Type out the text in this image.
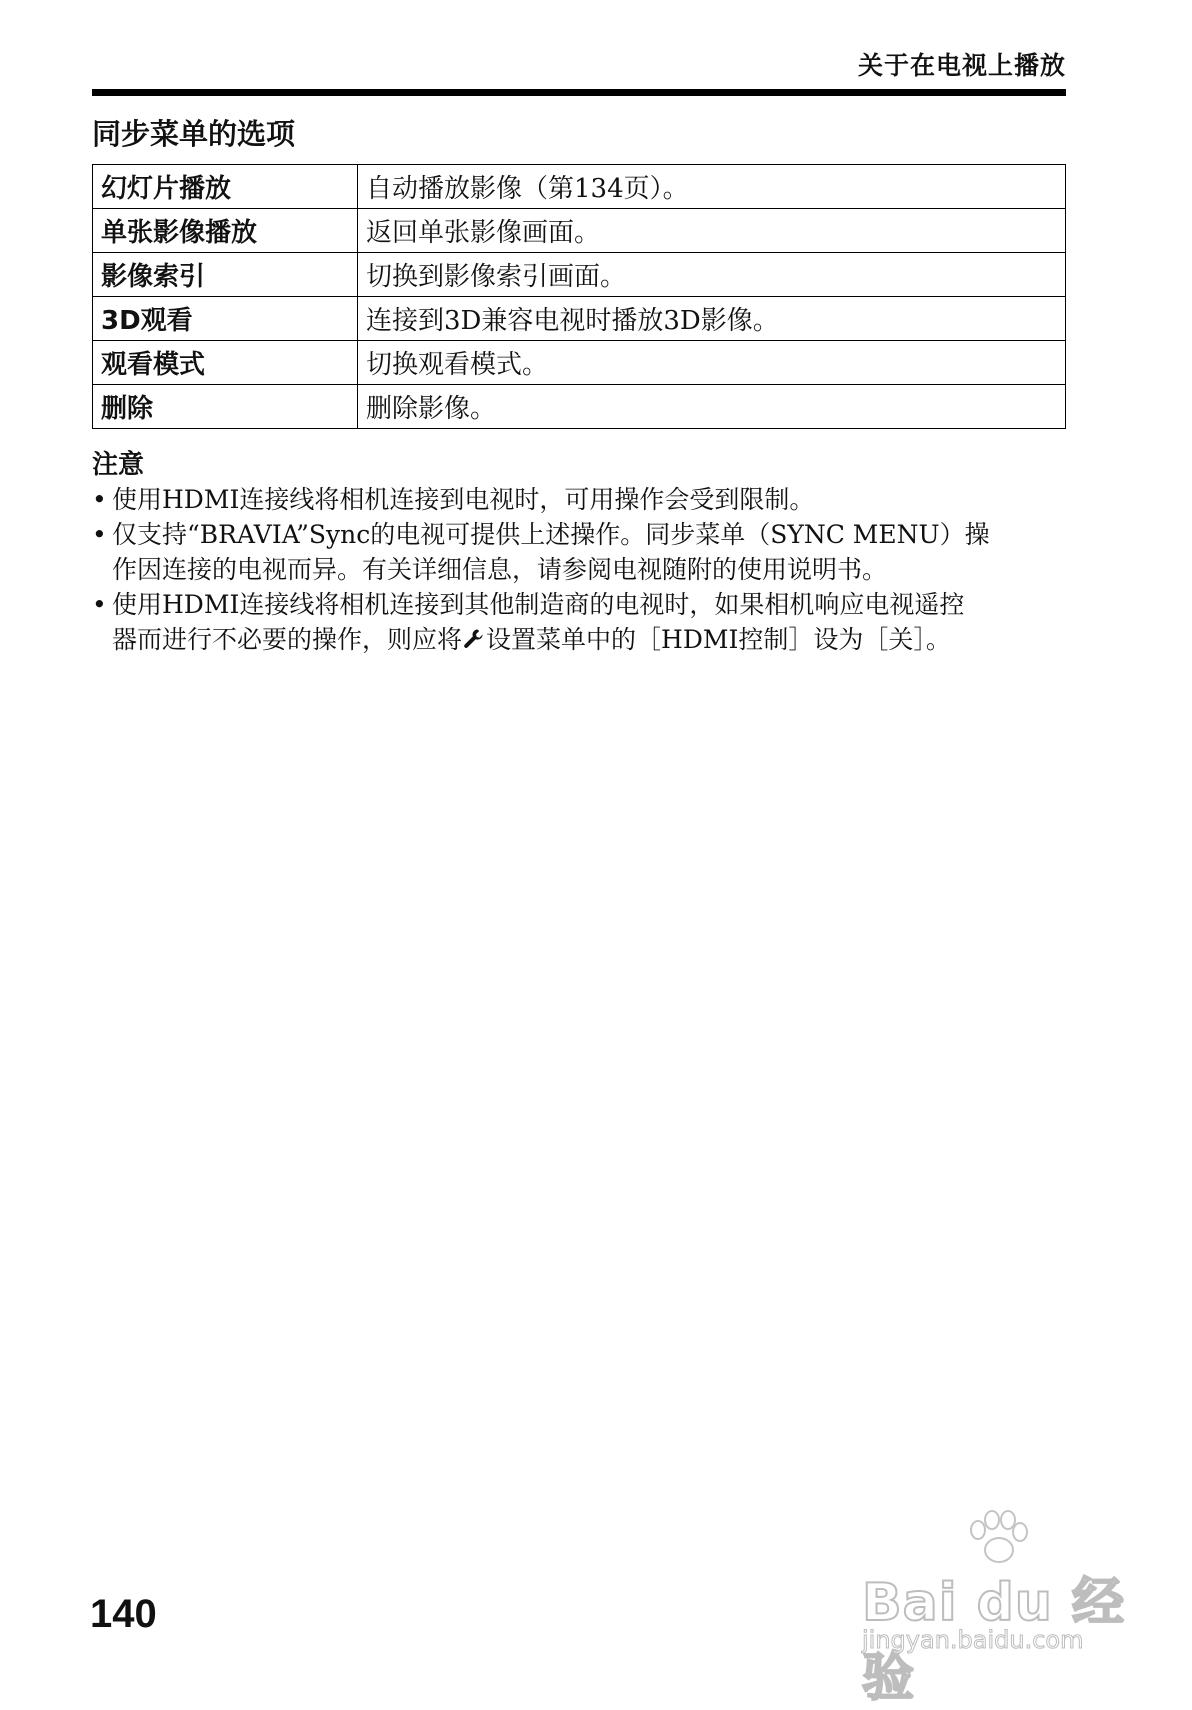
关于在电视上播放
同步菜单的选项
幻灯片播放	自动播放影像（第134页）。
单张影像播放	返回单张影像画面。
影像索引	切换到影像索引画面。
3D观看	连接到3D兼容电视时播放3D影像。
观看模式	切换观看模式。
删除	删除影像。
注意
• 使用HDMI连接线将相机连接到电视时，可用操作会受到限制。
• 仅支持“BRAVIA”Sync的电视可提供上述操作。同步菜单（SYNC MENU）操
作因连接的电视而异。有关详细信息，请参阅电视随附的使用说明书。
• 使用HDMI连接线将相机连接到其他制造商的电视时，如果相机响应电视遥控
器而进行不必要的操作，则应将 设置菜单中的［HDMI控制］设为［关］。
140	Bai du 经验
jingyan.baidu.com
